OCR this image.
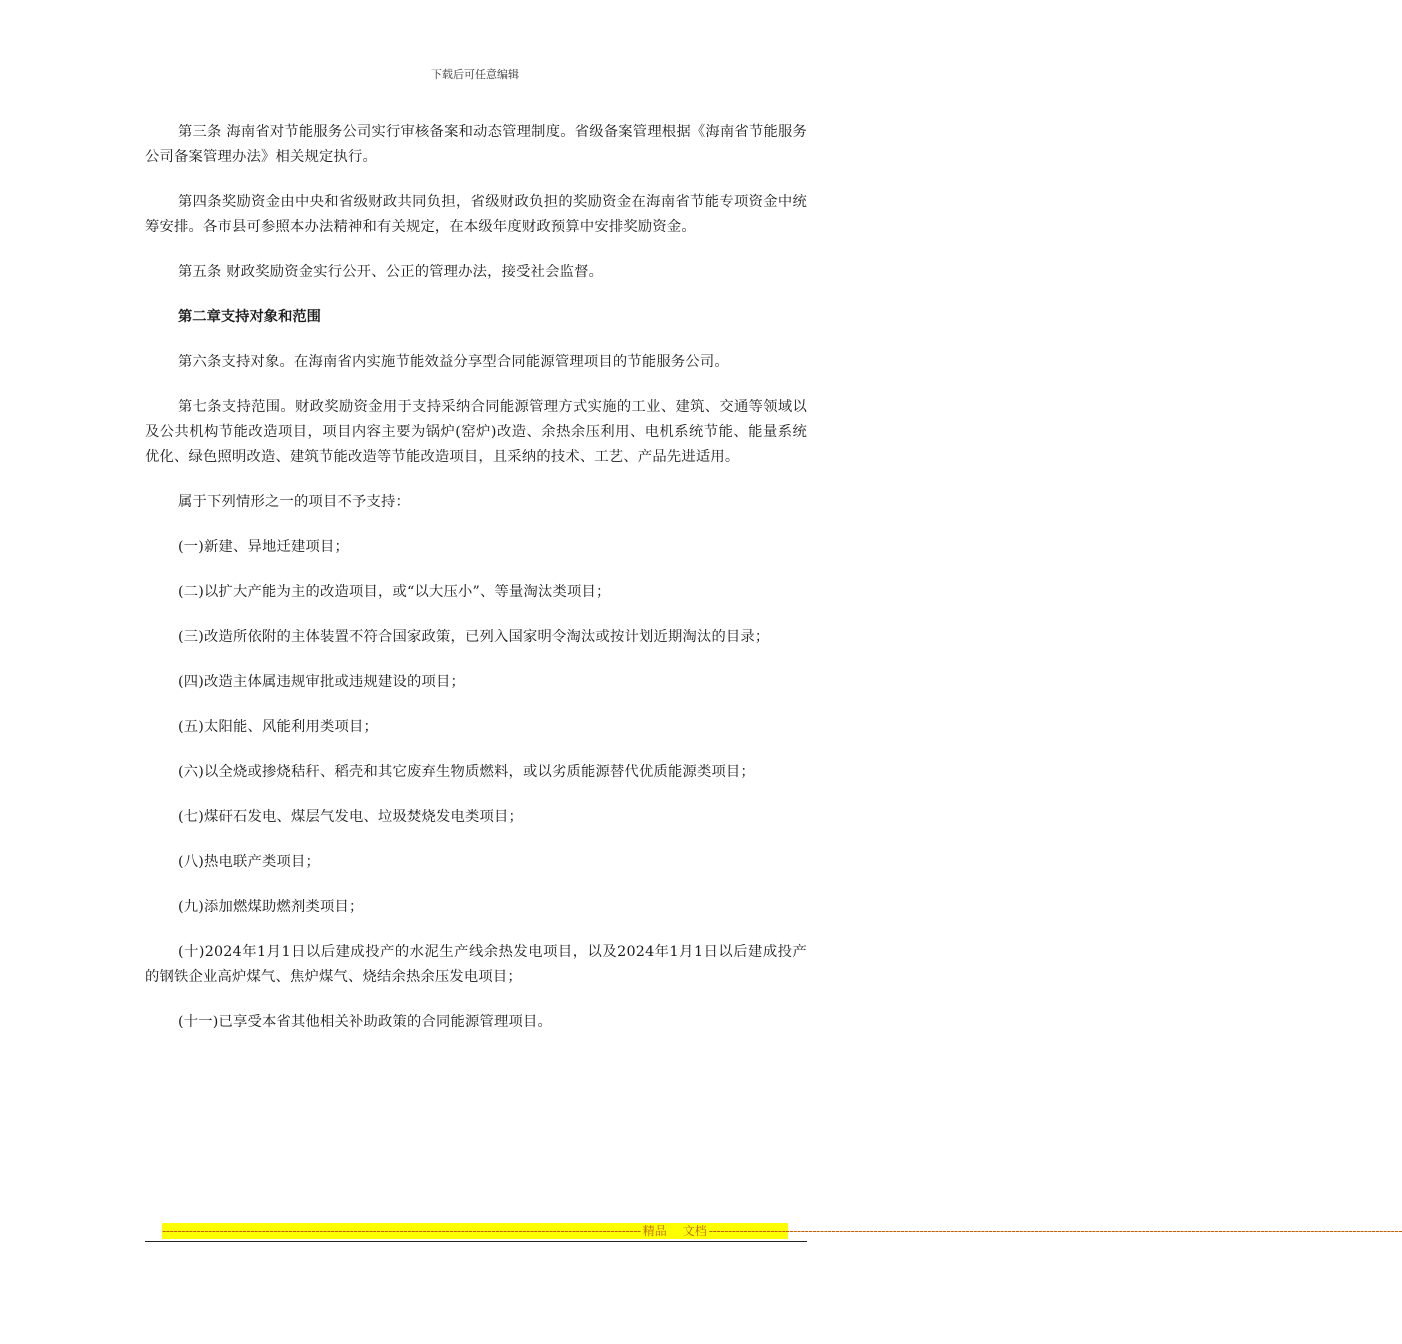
下载后可任意编辑

第三条 海南省对节能服务公司实行审核备案和动态管理制度。省级备案管理根据《海南省节能服务公司备案管理办法》相关规定执行。

第四条奖励资金由中央和省级财政共同负担，省级财政负担的奖励资金在海南省节能专项资金中统筹安排。各市县可参照本办法精神和有关规定，在本级年度财政预算中安排奖励资金。

第五条 财政奖励资金实行公开、公正的管理办法，接受社会监督。

第二章支持对象和范围

第六条支持对象。在海南省内实施节能效益分享型合同能源管理项目的节能服务公司。

第七条支持范围。财政奖励资金用于支持采纳合同能源管理方式实施的工业、建筑、交通等领域以及公共机构节能改造项目，项目内容主要为锅炉(窑炉)改造、余热余压利用、电机系统节能、能量系统优化、绿色照明改造、建筑节能改造等节能改造项目，且采纳的技术、工艺、产品先进适用。

属于下列情形之一的项目不予支持：

(一)新建、异地迁建项目；

(二)以扩大产能为主的改造项目，或“以大压小”、等量淘汰类项目；

(三)改造所依附的主体装置不符合国家政策，已列入国家明令淘汰或按计划近期淘汰的目录；

(四)改造主体属违规审批或违规建设的项目；

(五)太阳能、风能利用类项目；

(六)以全烧或掺烧秸秆、稻壳和其它废弃生物质燃料，或以劣质能源替代优质能源类项目；

(七)煤矸石发电、煤层气发电、垃圾焚烧发电类项目；

(八)热电联产类项目；

(九)添加燃煤助燃剂类项目；

(十)2024年1月1日以后建成投产的水泥生产线余热发电项目，以及2024年1月1日以后建成投产的钢铁企业高炉煤气、焦炉煤气、烧结余热余压发电项目；

(十一)已享受本省其他相关补助政策的合同能源管理项目。

----------------------------------------------------------------------------------------------------------------------------- 精品	文档 -------------------------------------------------------------------------------------------------------------------------------------------------------------------------------------
